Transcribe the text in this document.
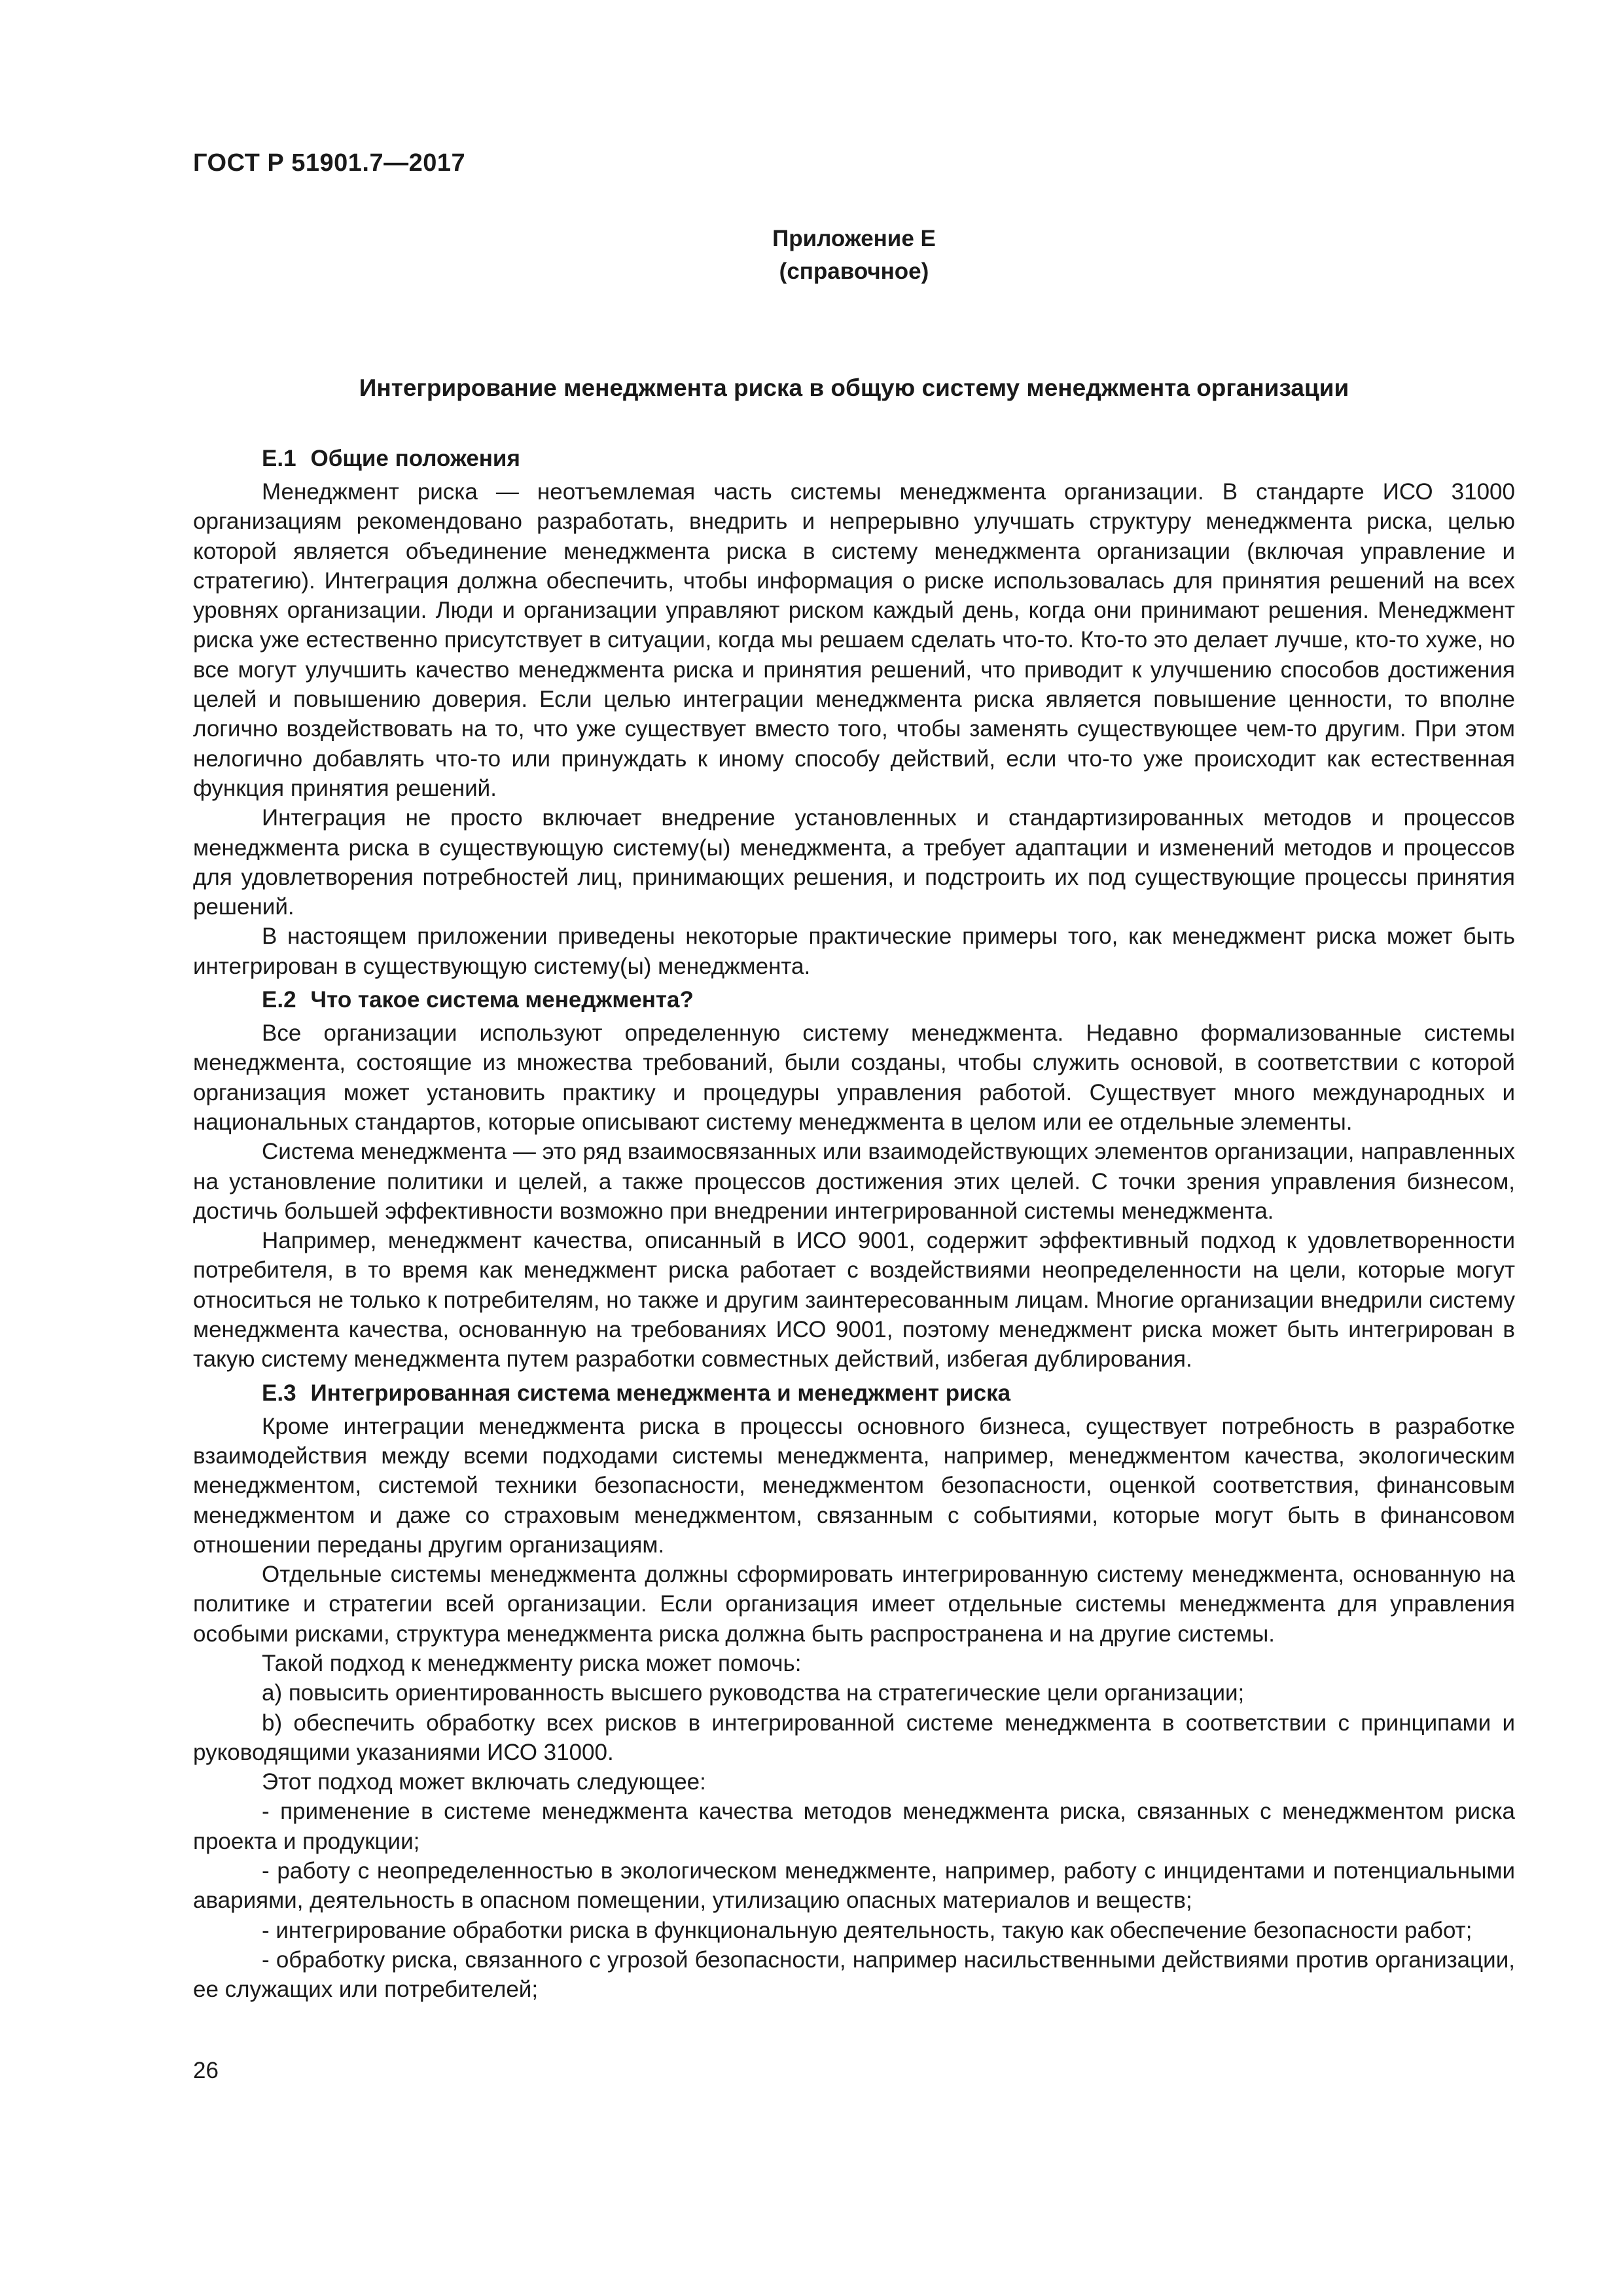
ГОСТ Р 51901.7—2017
Приложение Е
(справочное)
Интегрирование менеджмента риска в общую систему менеджмента организации
Е.1 Общие положения

Менеджмент риска — неотъемлемая часть системы менеджмента организации. В стандарте ИСО 31000 организациям рекомендовано разработать, внедрить и непрерывно улучшать структуру менеджмента риска, целью которой является объединение менеджмента риска в систему менеджмента организации (включая управление и стратегию). Интеграция должна обеспечить, чтобы информация о риске использовалась для принятия решений на всех уровнях организации. Люди и организации управляют риском каждый день, когда они принимают решения. Менеджмент риска уже естественно присутствует в ситуации, когда мы решаем сделать что-то. Кто-то это делает лучше, кто-то хуже, но все могут улучшить качество менеджмента риска и принятия решений, что приводит к улучшению способов достижения целей и повышению доверия. Если целью интеграции менеджмента риска является повышение ценности, то вполне логично воздействовать на то, что уже существует вместо того, чтобы заменять существующее чем-то другим. При этом нелогично добавлять что-то или принуждать к иному способу действий, если что-то уже происходит как естественная функция принятия решений.

Интеграция не просто включает внедрение установленных и стандартизированных методов и процессов менеджмента риска в существующую систему(ы) менеджмента, а требует адаптации и изменений методов и процессов для удовлетворения потребностей лиц, принимающих решения, и подстроить их под существующие процессы принятия решений.

В настоящем приложении приведены некоторые практические примеры того, как менеджмент риска может быть интегрирован в существующую систему(ы) менеджмента.

Е.2 Что такое система менеджмента?

Все организации используют определенную систему менеджмента. Недавно формализованные системы менеджмента, состоящие из множества требований, были созданы, чтобы служить основой, в соответствии с которой организация может установить практику и процедуры управления работой. Существует много международных и национальных стандартов, которые описывают систему менеджмента в целом или ее отдельные элементы.

Система менеджмента — это ряд взаимосвязанных или взаимодействующих элементов организации, направленных на установление политики и целей, а также процессов достижения этих целей. С точки зрения управления бизнесом, достичь большей эффективности возможно при внедрении интегрированной системы менеджмента.

Например, менеджмент качества, описанный в ИСО 9001, содержит эффективный подход к удовлетворенности потребителя, в то время как менеджмент риска работает с воздействиями неопределенности на цели, которые могут относиться не только к потребителям, но также и другим заинтересованным лицам. Многие организации внедрили систему менеджмента качества, основанную на требованиях ИСО 9001, поэтому менеджмент риска может быть интегрирован в такую систему менеджмента путем разработки совместных действий, избегая дублирования.

Е.3 Интегрированная система менеджмента и менеджмент риска

Кроме интеграции менеджмента риска в процессы основного бизнеса, существует потребность в разработке взаимодействия между всеми подходами системы менеджмента, например, менеджментом качества, экологическим менеджментом, системой техники безопасности, менеджментом безопасности, оценкой соответствия, финансовым менеджментом и даже со страховым менеджментом, связанным с событиями, которые могут быть в финансовом отношении переданы другим организациям.

Отдельные системы менеджмента должны сформировать интегрированную систему менеджмента, основанную на политике и стратегии всей организации. Если организация имеет отдельные системы менеджмента для управления особыми рисками, структура менеджмента риска должна быть распространена и на другие системы.

Такой подход к менеджменту риска может помочь:

a) повысить ориентированность высшего руководства на стратегические цели организации;

b) обеспечить обработку всех рисков в интегрированной системе менеджмента в соответствии с принципами и руководящими указаниями ИСО 31000.

Этот подход может включать следующее:

- применение в системе менеджмента качества методов менеджмента риска, связанных с менеджментом риска проекта и продукции;

- работу с неопределенностью в экологическом менеджменте, например, работу с инцидентами и потенциальными авариями, деятельность в опасном помещении, утилизацию опасных материалов и веществ;

- интегрирование обработки риска в функциональную деятельность, такую как обеспечение безопасности работ;

- обработку риска, связанного с угрозой безопасности, например насильственными действиями против организации, ее служащих или потребителей;

26
